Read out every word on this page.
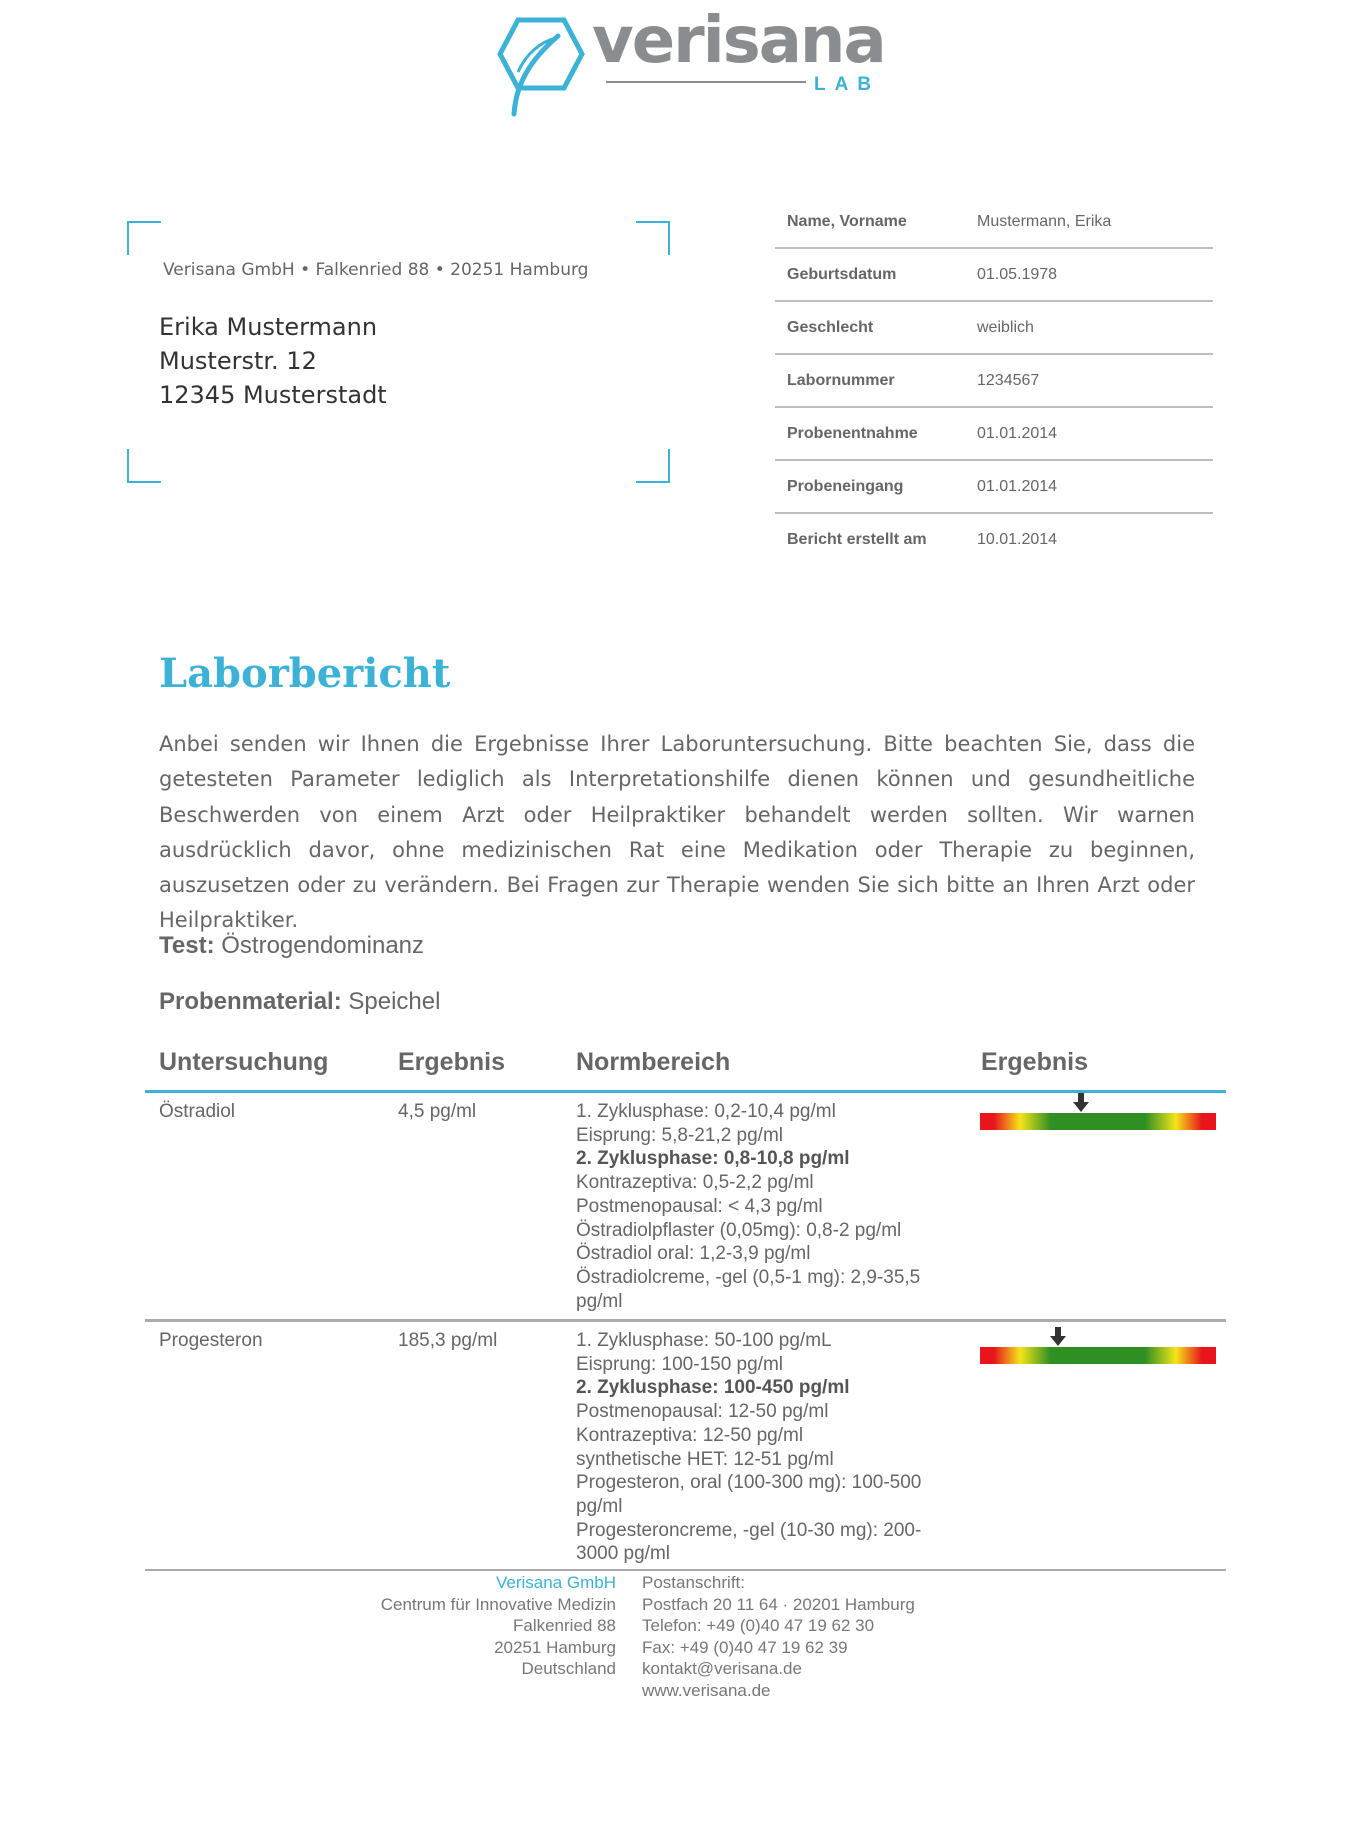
verisana
LAB
Verisana GmbH • Falkenried 88 • 20251 Hamburg
Erika Mustermann
Musterstr. 12
12345 Musterstadt
Name, Vorname	Mustermann, Erika
Geburtsdatum	01.05.1978
Geschlecht	weiblich
Labornummer	1234567
Probenentnahme	01.01.2014
Probeneingang	01.01.2014
Bericht erstellt am	10.01.2014
Laborbericht

Anbei senden wir Ihnen die Ergebnisse Ihrer Laboruntersuchung. Bitte beachten Sie, dass die getesteten Parameter lediglich als Interpretationshilfe dienen können und gesundheitliche Beschwerden von einem Arzt oder Heilpraktiker behandelt werden sollten. Wir warnen ausdrücklich davor, ohne medizinischen Rat eine Medikation oder Therapie zu beginnen, auszusetzen oder zu verändern. Bei Fragen zur Therapie wenden Sie sich bitte an Ihren Arzt oder Heilpraktiker.

Test: Östrogendominanz
Probenmaterial: Speichel
Untersuchung	Ergebnis	Normbereich	Ergebnis
Östradiol	4,5 pg/ml	1. Zyklusphase: 0,2-10,4 pg/ml
Eisprung: 5,8-21,2 pg/ml
2. Zyklusphase: 0,8-10,8 pg/ml
Kontrazeptiva: 0,5-2,2 pg/ml
Postmenopausal: < 4,3 pg/ml
Östradiolpflaster (0,05mg): 0,8-2 pg/ml
Östradiol oral: 1,2-3,9 pg/ml
Östradiolcreme, -gel (0,5-1 mg): 2,9-35,5
pg/ml
Progesteron	185,3 pg/ml	1. Zyklusphase: 50-100 pg/mL
Eisprung: 100-150 pg/ml
2. Zyklusphase: 100-450 pg/ml
Postmenopausal: 12-50 pg/ml
Kontrazeptiva: 12-50 pg/ml
synthetische HET: 12-51 pg/ml
Progesteron, oral (100-300 mg): 100-500
pg/ml
Progesteroncreme, -gel (10-30 mg): 200-
3000 pg/ml
Verisana GmbH
Centrum für Innovative Medizin
Falkenried 88
20251 Hamburg
Deutschland
Postanschrift:
Postfach 20 11 64 · 20201 Hamburg
Telefon: +49 (0)40 47 19 62 30
Fax: +49 (0)40 47 19 62 39
kontakt@verisana.de
www.verisana.de
